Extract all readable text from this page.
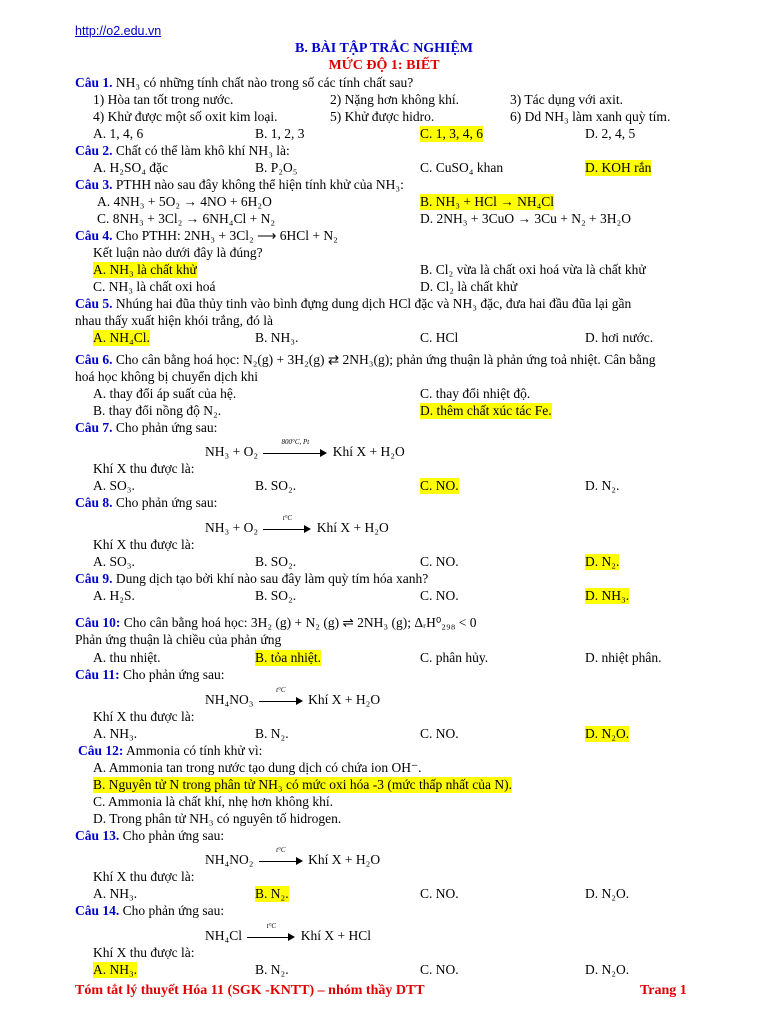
http://o2.edu.vn
B. BÀI TẬP TRẮC NGHIỆM
MỨC ĐỘ 1: BIẾT
Câu 1. NH₃ có những tính chất nào trong số các tính chất sau?
1) Hòa tan tốt trong nước.	2) Nặng hơn không khí.	3) Tác dụng với axit.
4) Khử được một số oxit kim loại.	5) Khử được hidro.	6) Dd NH₃ làm xanh quỳ tím.
A. 1, 4, 6	B. 1, 2, 3	C. 1, 3, 4, 6	D. 2, 4, 5
Câu 2. Chất có thể làm khô khí NH₃ là:
A. H₂SO₄ đặc	B. P₂O₅	C. CuSO₄ khan	D. KOH rắn
Câu 3. PTHH nào sau đây không thể hiện tính khử của NH₃:
A. 4NH₃ + 5O₂ → 4NO + 6H₂O	B. NH₃ + HCl → NH₄Cl
C. 8NH₃ + 3Cl₂ → 6NH₄Cl + N₂	D. 2NH₃ + 3CuO → 3Cu + N₂ + 3H₂O
Câu 4. Cho PTHH: 2NH₃ + 3Cl₂ ⟶ 6HCl + N₂
Kết luận nào dưới đây là đúng?
A. NH₃ là chất khử	B. Cl₂ vừa là chất oxi hoá vừa là chất khử
C. NH₃ là chất oxi hoá	D. Cl₂ là chất khử
Câu 5. Nhúng hai đũa thủy tinh vào bình đựng dung dịch HCl đặc và NH₃ đặc, đưa hai đầu đũa lại gần
nhau thấy xuất hiện khói trắng, đó là
A. NH₄Cl.	B. NH₃.	C. HCl	D. hơi nước.
Câu 6. Cho cân bằng hoá học: N₂(g) + 3H₂(g) ⇄ 2NH₃(g); phản ứng thuận là phản ứng toả nhiệt. Cân bằng
hoá học không bị chuyển dịch khi
A. thay đổi áp suất của hệ.	C. thay đổi nhiệt độ.
B. thay đổi nồng độ N₂.	D. thêm chất xúc tác Fe.
Câu 7. Cho phản ứng sau:
NH₃ + O₂
800°C, Pt
Khí X + H₂O
Khí X thu được là:
A. SO₃.	B. SO₂.	C. NO.	D. N₂.
Câu 8. Cho phản ứng sau:
NH₃ + O₂
t°C
Khí X + H₂O
Khí X thu được là:
A. SO₃.	B. SO₂.	C. NO.	D. N₂.
Câu 9. Dung dịch tạo bởi khí nào sau đây làm quỳ tím hóa xanh?
A. H₂S.	B. SO₂.	C. NO.	D. NH₃.
Câu 10: Cho cân bằng hoá học: 3H₂ (g) + N₂ (g) ⇌ 2NH₃ (g); ΔᵣH⁰₂₉₈ < 0
Phản ứng thuận là chiều của phản ứng
A. thu nhiệt.	B. tỏa nhiệt.	C. phân hủy.	D. nhiệt phân.
Câu 11: Cho phản ứng sau:
NH₄NO₃
t°C
Khí X + H₂O
Khí X thu được là:
A. NH₃.	B. N₂.	C. NO.	D. N₂O.
Câu 12: Ammonia có tính khử vì:
A. Ammonia tan trong nước tạo dung dịch có chứa ion OH⁻.
B. Nguyên tử N trong phân tử NH₃ có mức oxi hóa -3 (mức thấp nhất của N).
C. Ammonia là chất khí, nhẹ hơn không khí.
D. Trong phân tử NH₃ có nguyên tố hidrogen.
Câu 13. Cho phản ứng sau:
NH₄NO₂
t°C
Khí X + H₂O
Khí X thu được là:
A. NH₃.	B. N₂.	C. NO.	D. N₂O.
Câu 14. Cho phản ứng sau:
NH₄Cl
t°C
Khí X + HCl
Khí X thu được là:
A. NH₃.	B. N₂.	C. NO.	D. N₂O.
Tóm tắt lý thuyết Hóa 11 (SGK -KNTT) – nhóm thầy DTT	Trang 1
